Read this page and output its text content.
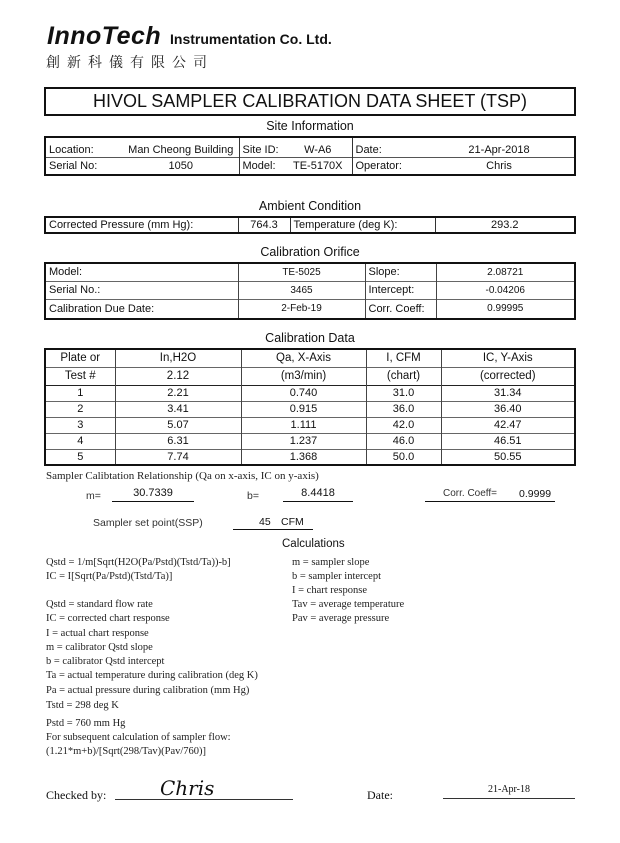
InnoTech Instrumentation Co. Ltd.
創新科儀有限公司
HIVOL SAMPLER CALIBRATION DATA SHEET (TSP)
Site Information
Location:	Man Cheong Building	Site ID:	W-A6	Date:	21-Apr-2018
Serial No:	1050	Model:	TE-5170X	Operator:	Chris
Ambient Condition
Corrected Pressure (mm Hg):	764.3	Temperature (deg K):	293.2
Calibration Orifice
Model:	TE-5025	Slope:	2.08721
Serial No.:	3465	Intercept:	-0.04206
Calibration Due Date:	2-Feb-19	Corr. Coeff:	0.99995
Calibration Data
Plate or	In,H2O	Qa, X-Axis	I, CFM	IC, Y-Axis
Test #	2.12	(m3/min)	(chart)	(corrected)
1	2.21	0.740	31.0	31.34
2	3.41	0.915	36.0	36.40
3	5.07	1.111	42.0	42.47
4	6.31	1.237	46.0	46.51
5	7.74	1.368	50.0	50.55
Sampler Calibtation Relationship (Qa on x-axis, IC on y-axis)
m=	30.7339	b=	8.4418	Corr. Coeff= 0.9999
Sampler set point(SSP)	45 CFM
Calculations
Qstd = 1/m[Sqrt(H2O(Pa/Pstd)(Tstd/Ta))-b]
IC = I[Sqrt(Pa/Pstd)(Tstd/Ta)]
m = sampler slope
b = sampler intercept
I = chart response
Tav = average temperature
Pav = average pressure
Qstd = standard flow rate
IC = corrected chart response
I = actual chart response
m = calibrator Qstd slope
b = calibrator Qstd intercept
Ta = actual temperature during calibration (deg K)
Pa = actual pressure during calibration (mm Hg)
Tstd = 298 deg K
Pstd = 760 mm Hg
For subsequent calculation of sampler flow:
(1.21*m+b)/[Sqrt(298/Tav)(Pav/760)]
Checked by:	Chris	Date:	21-Apr-18
